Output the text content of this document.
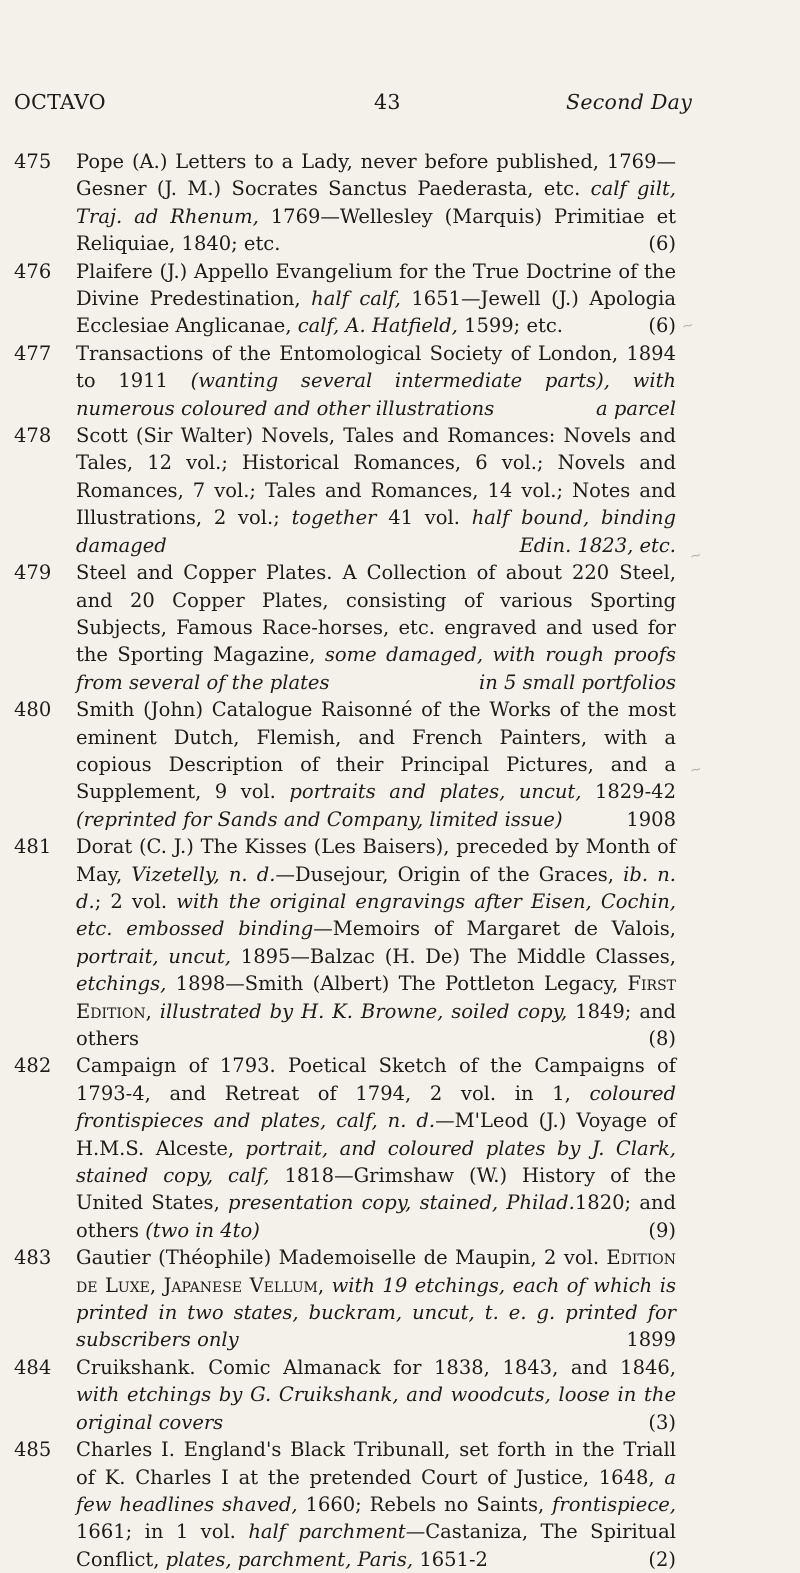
OCTAVO	43	Second Day
475	Pope (A.) Letters to a Lady, never before published, 1769—Gesner (J. M.) Socrates Sanctus Paederasta, etc. calf gilt, Traj. ad Rhenum, 1769—Wellesley (Marquis) Primitiae et Reliquiae, 1840; etc.	(6)
476	Plaifere (J.) Appello Evangelium for the True Doctrine of the Divine Predestination, half calf, 1651—Jewell (J.) Apologia Ecclesiae Anglicanae, calf, A. Hatfield, 1599; etc.	(6)
477	Transactions of the Entomological Society of London, 1894 to 1911 (wanting several intermediate parts), with numerous coloured and other illustrations	a parcel
478	Scott (Sir Walter) Novels, Tales and Romances: Novels and Tales, 12 vol.; Historical Romances, 6 vol.; Novels and Romances, 7 vol.; Tales and Romances, 14 vol.; Notes and Illustrations, 2 vol.; together 41 vol. half bound, binding damaged	Edin. 1823, etc.
479	Steel and Copper Plates. A Collection of about 220 Steel, and 20 Copper Plates, consisting of various Sporting Subjects, Famous Race-horses, etc. engraved and used for the Sporting Magazine, some damaged, with rough proofs from several of the plates	in 5 small portfolios
480	Smith (John) Catalogue Raisonné of the Works of the most eminent Dutch, Flemish, and French Painters, with a copious Description of their Principal Pictures, and a Supplement, 9 vol. portraits and plates, uncut, 1829-42 (reprinted for Sands and Company, limited issue)	1908
481	Dorat (C. J.) The Kisses (Les Baisers), preceded by Month of May, Vizetelly, n. d.—Dusejour, Origin of the Graces, ib. n. d.; 2 vol. with the original engravings after Eisen, Cochin, etc. embossed binding—Memoirs of Margaret de Valois, portrait, uncut, 1895—Balzac (H. De) The Middle Classes, etchings, 1898—Smith (Albert) The Pottleton Legacy, First Edition, illustrated by H. K. Browne, soiled copy, 1849; and others	(8)
482	Campaign of 1793. Poetical Sketch of the Campaigns of 1793-4, and Retreat of 1794, 2 vol. in 1, coloured frontispieces and plates, calf, n. d.—M'Leod (J.) Voyage of H.M.S. Alceste, portrait, and coloured plates by J. Clark, stained copy, calf, 1818—Grimshaw (W.) History of the United States, presentation copy, stained, Philad.1820; and others (two in 4to)	(9)
483	Gautier (Théophile) Mademoiselle de Maupin, 2 vol. Edition de Luxe, Japanese Vellum, with 19 etchings, each of which is printed in two states, buckram, uncut, t. e. g. printed for subscribers only	1899
484	Cruikshank. Comic Almanack for 1838, 1843, and 1846, with etchings by G. Cruikshank, and woodcuts, loose in the original covers	(3)
485	Charles I. England's Black Tribunall, set forth in the Triall of K. Charles I at the pretended Court of Justice, 1648, a few headlines shaved, 1660; Rebels no Saints, frontispiece, 1661; in 1 vol. half parchment—Castaniza, The Spiritual Conflict, plates, parchment, Paris, 1651-2	(2)
~
~
~
